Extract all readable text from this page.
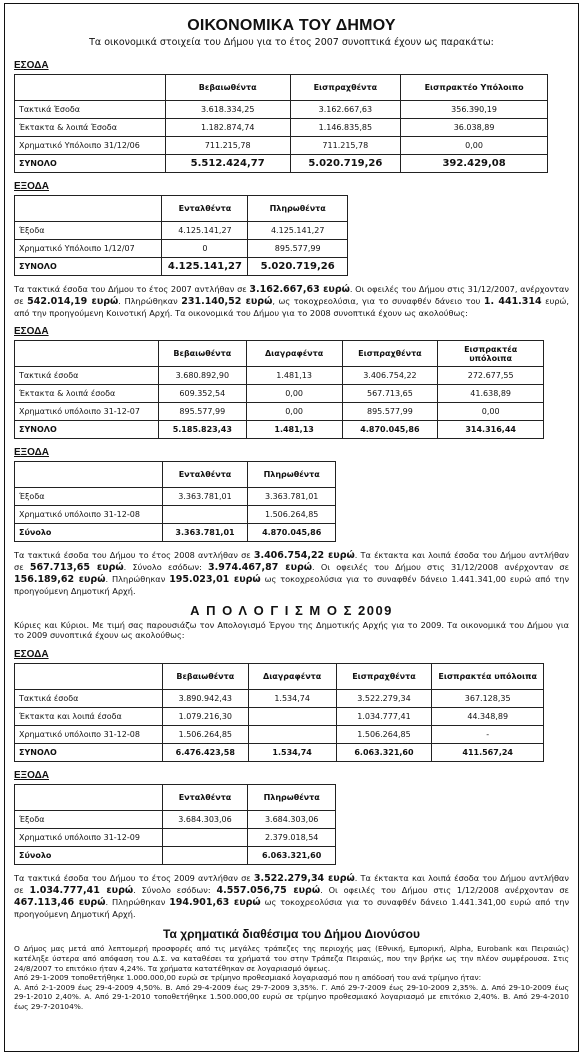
ΟΙΚΟΝΟΜΙΚΑ ΤΟΥ ΔΗΜΟΥ
Τα οικονομικά στοιχεία του Δήμου για το έτος 2007 συνοπτικά έχουν ως παρακάτω:
ΕΣΟΔΑ
	Βεβαιωθέντα	Εισπραχθέντα	Εισπρακτέο Υπόλοιπο
Τακτικά Έσοδα	3.618.334,25	3.162.667,63	356.390,19
Έκτακτα & λοιπά Έσοδα	1.182.874,74	1.146.835,85	36.038,89
Χρηματικό Υπόλοιπο 31/12/06	711.215,78	711.215,78	0,00
ΣΥΝΟΛΟ	5.512.424,77	5.020.719,26	392.429,08
ΕΞΟΔΑ
	Ενταλθέντα	Πληρωθέντα
Έξοδα	4.125.141,27	4.125.141,27
Χρηματικό Υπόλοιπο 1/12/07	0	895.577,99
ΣΥΝΟΛΟ	4.125.141,27	5.020.719,26
Τα τακτικά έσοδα του Δήμου το έτος 2007 αντλήθαν σε 3.162.667,63 ευρώ. Οι οφειλές του Δήμου στις 31/12/2007, ανέρχονταν σε 542.014,19 ευρώ. Πληρώθηκαν 231.140,52 ευρώ, ως τοκοχρεολύσια, για το συναφθέν δάνειο του 1. 441.314 ευρώ, από την προηγούμενη Κοινοτική Αρχή. Τα οικονομικά του Δήμου για το 2008 συνοπτικά έχουν ως ακολούθως:
ΕΣΟΔΑ
	Βεβαιωθέντα	Διαγραφέντα	Εισπραχθέντα	Εισπρακτέα υπόλοιπα
Τακτικά έσοδα	3.680.892,90	1.481,13	3.406.754,22	272.677,55
Έκτακτα & λοιπά έσοδα	609.352,54	0,00	567.713,65	41.638,89
Χρηματικό υπόλοιπο 31-12-07	895.577,99	0,00	895.577,99	0,00
ΣΥΝΟΛΟ	5.185.823,43	1.481,13	4.870.045,86	314.316,44
ΕΞΟΔΑ
	Ενταλθέντα	Πληρωθέντα
Έξοδα	3.363.781,01	3.363.781,01
Χρηματικό υπόλοιπο 31-12-08		1.506.264,85
Σύνολο	3.363.781,01	4.870.045,86
Τα τακτικά έσοδα του Δήμου το έτος 2008 αντλήθαν σε 3.406.754,22 ευρώ. Τα έκτακτα και λοιπά έσοδα του Δήμου αντλήθαν σε 567.713,65 ευρώ. Σύνολο εσόδων: 3.974.467,87 ευρώ. Οι οφειλές του Δήμου στις 31/12/2008 ανέρχονταν σε 156.189,62 ευρώ. Πληρώθηκαν 195.023,01 ευρώ ως τοκοχρεολύσια για το συναφθέν δάνειο 1.441.341,00 ευρώ από την προηγούμενη Δημοτική Αρχή.
Α Π Ο Λ Ο Γ Ι Σ Μ Ο Σ 2009
Κύριες και Κύριοι. Με τιμή σας παρουσιάζω τον Απολογισμό Έργου της Δημοτικής Αρχής για το 2009. Τα οικονομικά του Δήμου για το 2009 συνοπτικά έχουν ως ακολούθως:
ΕΣΟΔΑ
	Βεβαιωθέντα	Διαγραφέντα	Εισπραχθέντα	Εισπρακτέα υπόλοιπα
Τακτικά έσοδα	3.890.942,43	1.534,74	3.522.279,34	367.128,35
Έκτακτα και λοιπά έσοδα	1.079.216,30		1.034.777,41	44.348,89
Χρηματικό υπόλοιπο 31-12-08	1.506.264,85		1.506.264,85	-
ΣΥΝΟΛΟ	6.476.423,58	1.534,74	6.063.321,60	411.567,24
ΕΞΟΔΑ
	Ενταλθέντα	Πληρωθέντα
Έξοδα	3.684.303,06	3.684.303,06
Χρηματικό υπόλοιπο 31-12-09		2.379.018,54
Σύνολο		6.063.321,60
Τα τακτικά έσοδα του Δήμου το έτος 2009 αντλήθαν σε 3.522.279,34 ευρώ. Τα έκτακτα και λοιπά έσοδα του Δήμου αντλήθαν σε 1.034.777,41 ευρώ. Σύνολο εσόδων: 4.557.056,75 ευρώ. Οι οφειλές του Δήμου στις 1/12/2008 ανέρχονταν σε 467.113,46 ευρώ. Πληρώθηκαν 194.901,63 ευρώ ως τοκοχρεολύσια για το συναφθέν δάνειο 1.441.341,00 ευρώ από την προηγούμενη Δημοτική Αρχή.
Τα χρηματικά διαθέσιμα του Δήμου Διονύσου
Ο Δήμος μας μετά από λεπτομερή προσφορές από τις μεγάλες τράπεζες της περιοχής μας (Εθνική, Εμπορική, Alpha, Eurobank και Πειραιώς) κατέληξε ύστερα από απόφαση του Δ.Σ. να καταθέσει τα χρήματά του στην Τράπεζα Πειραιώς, που την βρήκε ως την πλέον συμφέρουσα. Στις 24/8/2007 το επιτόκιο ήταν 4,24%. Τα χρήματα κατατέθηκαν σε λογαριασμό όψεως.
Από 29-1-2009 τοποθετήθηκε 1.000.000,00 ευρώ σε τρίμηνο προθεσμιακό λογαριασμό που η απόδοσή του ανά τρίμηνο ήταν:
Α. Από 2-1-2009 έως 29-4-2009 4,50%. Β. Από 29-4-2009 έως 29-7-2009 3,35%. Γ. Από 29-7-2009 έως 29-10-2009 2,35%. Δ. Από 29-10-2009 έως 29-1-2010 2,40%. Α. Από 29-1-2010 τοποθετήθηκε 1.500.000,00 ευρώ σε τρίμηνο προθεσμιακό λογαριασμό με επιτόκιο 2,40%. Β. Από 29-4-2010 έως 29-7-20104%.
